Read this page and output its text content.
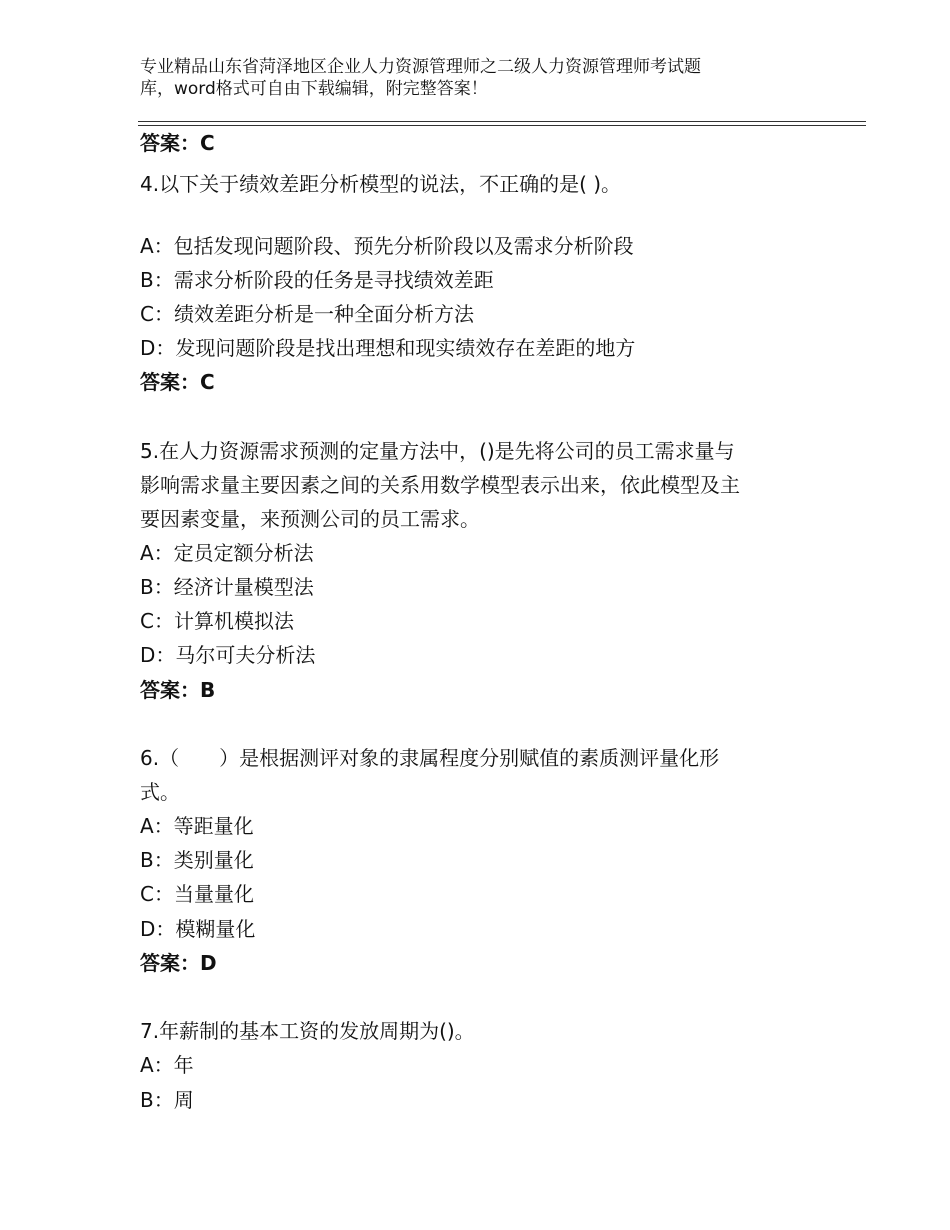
专业精品山东省菏泽地区企业人力资源管理师之二级人力资源管理师考试题
库，word格式可自由下载编辑，附完整答案！
答案：C
4.以下关于绩效差距分析模型的说法，不正确的是( )。
A：包括发现问题阶段、预先分析阶段以及需求分析阶段
B：需求分析阶段的任务是寻找绩效差距
C：绩效差距分析是一种全面分析方法
D：发现问题阶段是找出理想和现实绩效存在差距的地方
答案：C
5.在人力资源需求预测的定量方法中，()是先将公司的员工需求量与
影响需求量主要因素之间的关系用数学模型表示出来，依此模型及主
要因素变量，来预测公司的员工需求。
A：定员定额分析法
B：经济计量模型法
C：计算机模拟法
D：马尔可夫分析法
答案：B
6.（　　）是根据测评对象的隶属程度分别赋值的素质测评量化形
式。
A：等距量化
B：类别量化
C：当量量化
D：模糊量化
答案：D
7.年薪制的基本工资的发放周期为()。
A：年
B：周
